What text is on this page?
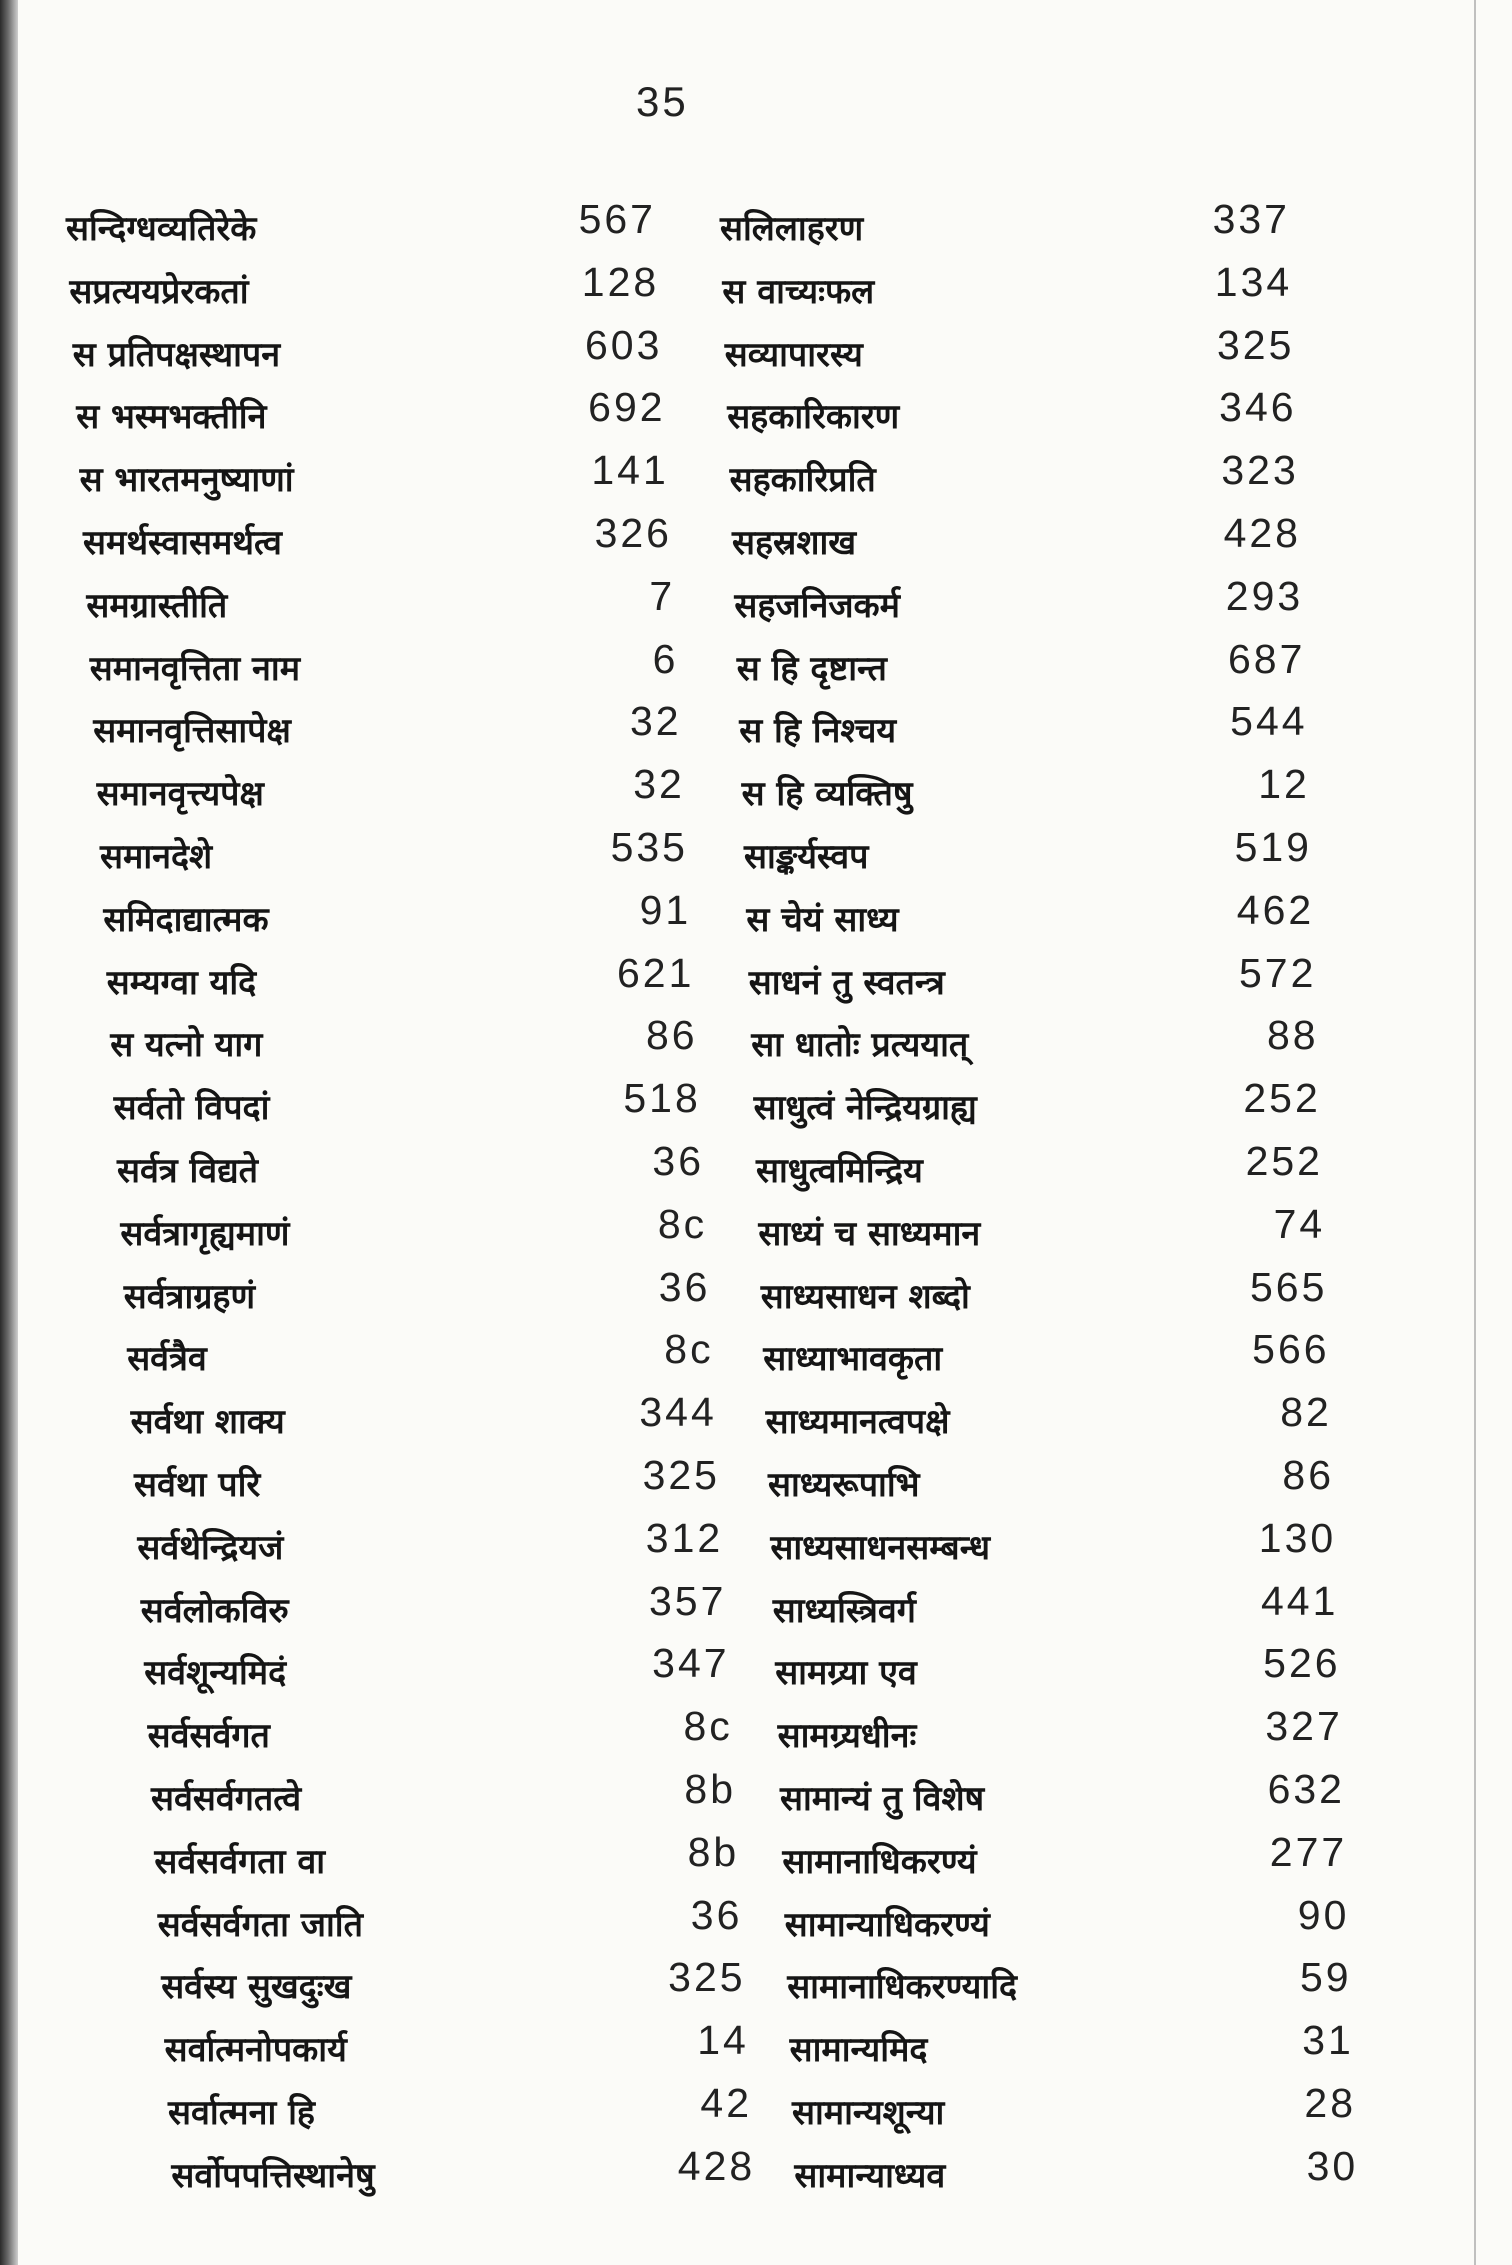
35
सन्दिग्धव्यतिरेके	567
सप्रत्ययप्रेरकतां	128
स प्रतिपक्षस्थापन	603
स भस्मभक्तीनि	692
स भारतमनुष्याणां	141
समर्थस्वासमर्थत्व	326
समग्रास्तीति	7
समानवृत्तिता नाम	6
समानवृत्तिसापेक्ष	32
समानवृत्त्यपेक्ष	32
समानदेशे	535
समिदाद्यात्मक	91
सम्यग्वा यदि	621
स यत्नो याग	86
सर्वतो विपदां	518
सर्वत्र विद्यते	36
सर्वत्रागृह्यमाणं	8c
सर्वत्राग्रहणं	36
सर्वत्रैव	8c
सर्वथा शाक्य	344
सर्वथा परि	325
सर्वथेन्द्रियजं	312
सर्वलोकविरु	357
सर्वशून्यमिदं	347
सर्वसर्वगत	8c
सर्वसर्वगतत्वे	8b
सर्वसर्वगता वा	8b
सर्वसर्वगता जाति	36
सर्वस्य सुखदुःख	325
सर्वात्मनोपकार्य	14
सर्वात्मना हि	42
सर्वोपपत्तिस्थानेषु	428
सलिलाहरण	337
स वाच्यःफल	134
सव्यापारस्य	325
सहकारिकारण	346
सहकारिप्रति	323
सहस्रशाख	428
सहजनिजकर्म	293
स हि दृष्टान्त	687
स हि निश्चय	544
स हि व्यक्तिषु	12
साङ्कर्यस्वप	519
स चेयं साध्य	462
साधनं तु स्वतन्त्र	572
सा धातोः प्रत्ययात्	88
साधुत्वं नेन्द्रियग्राह्य	252
साधुत्वमिन्द्रिय	252
साध्यं च साध्यमान	74
साध्यसाधन शब्दो	565
साध्याभावकृता	566
साध्यमानत्वपक्षे	82
साध्यरूपाभि	86
साध्यसाधनसम्बन्ध	130
साध्यस्त्रिवर्ग	441
सामग्र्या एव	526
सामग्र्यधीनः	327
सामान्यं तु विशेष	632
सामानाधिकरण्यं	277
सामान्याधिकरण्यं	90
सामानाधिकरण्यादि	59
सामान्यमिद	31
सामान्यशून्या	28
सामान्याध्यव	30
